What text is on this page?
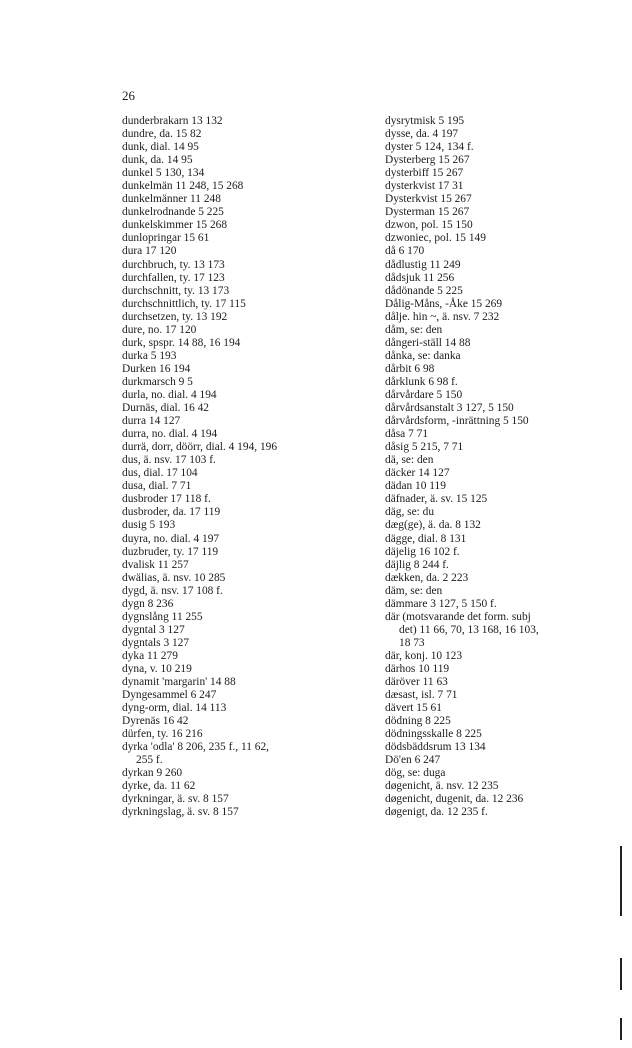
26
dunderbrakarn 13 132
dundre, da. 15 82
dunk, dial. 14 95
dunk, da. 14 95
dunkel 5 130, 134
dunkelmän 11 248, 15 268
dunkelmänner 11 248
dunkelrodnande 5 225
dunkelskimmer 15 268
dunlopringar 15 61
dura 17 120
durchbruch, ty. 13 173
durchfallen, ty. 17 123
durchschnitt, ty. 13 173
durchschnittlich, ty. 17 115
durchsetzen, ty. 13 192
dure, no. 17 120
durk, spspr. 14 88, 16 194
durka 5 193
Durken 16 194
durkmarsch 9 5
durla, no. dial. 4 194
Durnäs, dial. 16 42
durra 14 127
durra, no. dial. 4 194
durrä, dorr, döörr, dial. 4 194, 196
dus, ä. nsv. 17 103 f.
dus, dial. 17 104
dusa, dial. 7 71
dusbroder 17 118 f.
dusbroder, da. 17 119
dusig 5 193
duyra, no. dial. 4 197
duzbruder, ty. 17 119
dvalisk 11 257
dwälias, ä. nsv. 10 285
dygd, ä. nsv. 17 108 f.
dygn 8 236
dygnslång 11 255
dygntal 3 127
dygntals 3 127
dyka 11 279
dyna, v. 10 219
dynamit 'margarin' 14 88
Dyngesammel 6 247
dyng-orm, dial. 14 113
Dyrenäs 16 42
dürfen, ty. 16 216
dyrka 'odla' 8 206, 235 f., 11 62,
255 f.
dyrkan 9 260
dyrke, da. 11 62
dyrkningar, ä. sv. 8 157
dyrkningslag, ä. sv. 8 157
dysrytmisk 5 195
dysse, da. 4 197
dyster 5 124, 134 f.
Dysterberg 15 267
dysterbiff 15 267
dysterkvist 17 31
Dysterkvist 15 267
Dysterman 15 267
dzwon, pol. 15 150
dzwoniec, pol. 15 149
då 6 170
dådlustig 11 249
dådsjuk 11 256
dådönande 5 225
Dålig-Måns, -Åke 15 269
dålje. hin ~, ä. nsv. 7 232
dåm, se: den
dångeri-ställ 14 88
dånka, se: danka
dårbit 6 98
dårklunk 6 98 f.
dårvårdare 5 150
dårvårdsanstalt 3 127, 5 150
dårvårdsform, -inrättning 5 150
dåsa 7 71
dåsig 5 215, 7 71
dä, se: den
däcker 14 127
dädan 10 119
däfnader, ä. sv. 15 125
däg, se: du
dæg(ge), ä. da. 8 132
dägge, dial. 8 131
däjelig 16 102 f.
däjlig 8 244 f.
dækken, da. 2 223
däm, se: den
dämmare 3 127, 5 150 f.
där (motsvarande det form. subj
det) 11 66, 70, 13 168, 16 103,
18 73
där, konj. 10 123
därhos 10 119
däröver 11 63
dæsast, isl. 7 71
dävert 15 61
dödning 8 225
dödningsskalle 8 225
dödsbäddsrum 13 134
Dö'en 6 247
dög, se: duga
døgenicht, ä. nsv. 12 235
døgenicht, dugenit, da. 12 236
døgenigt, da. 12 235 f.
